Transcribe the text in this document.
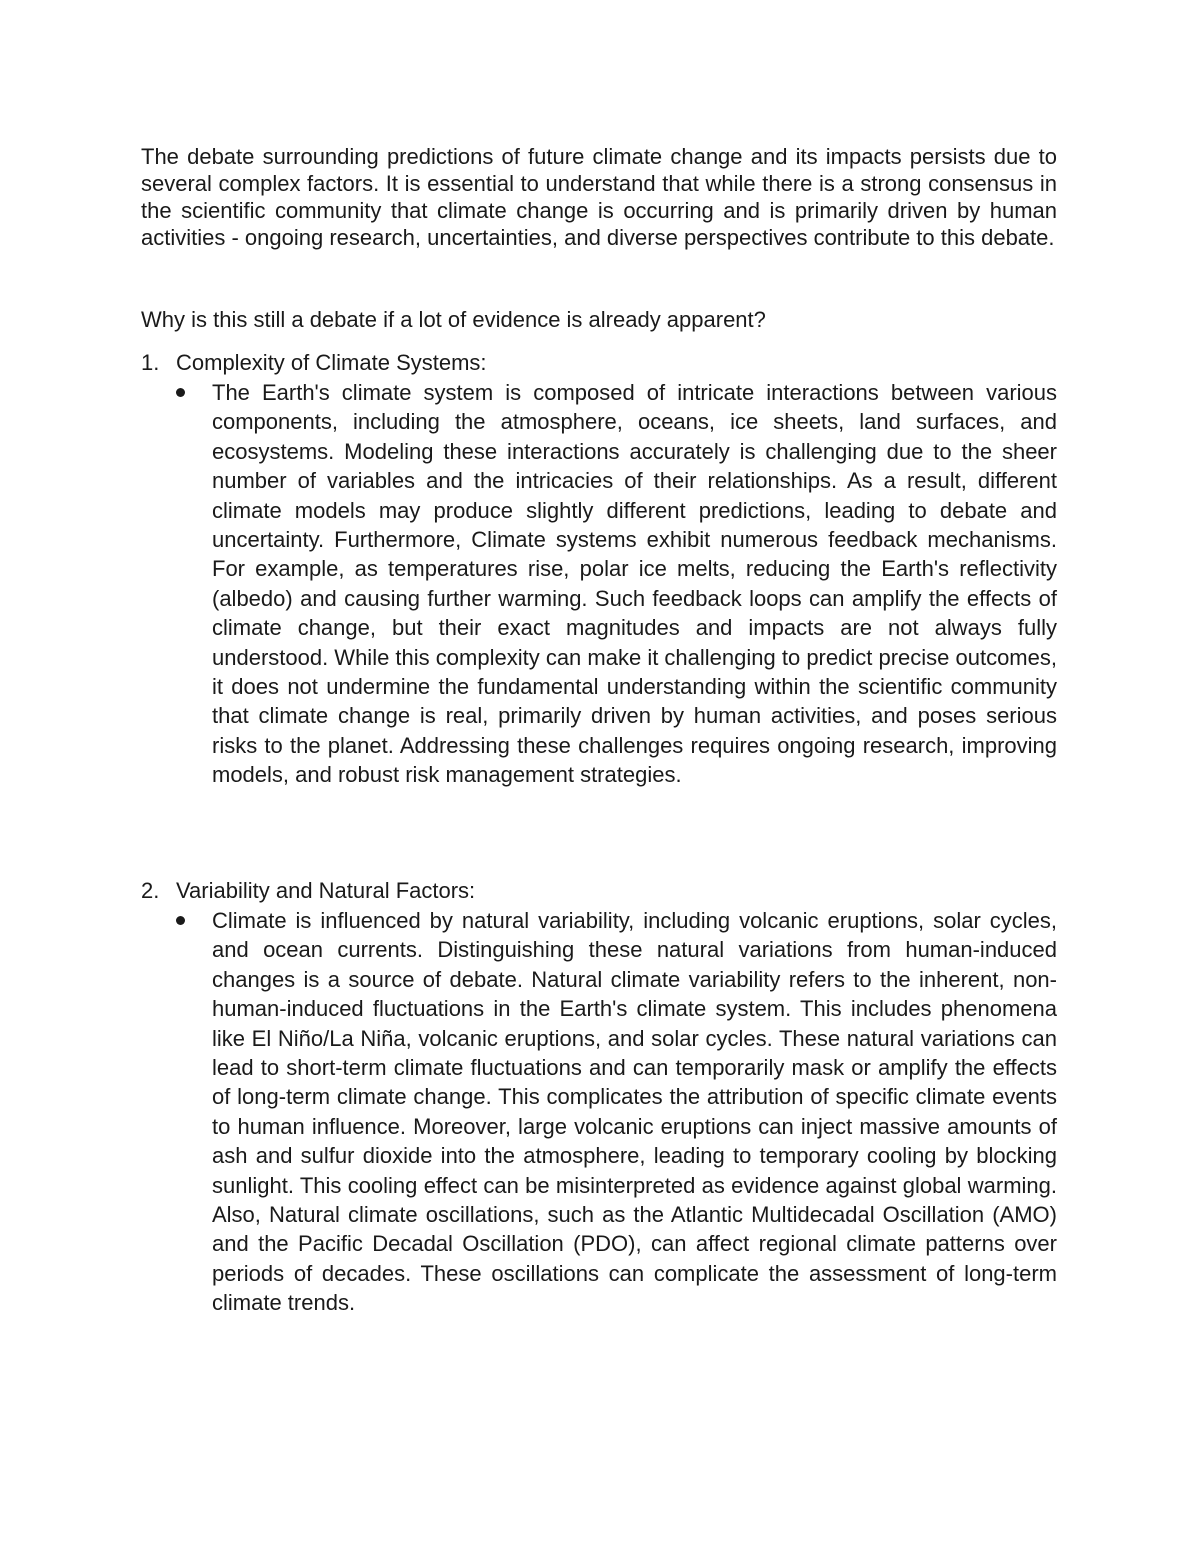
The debate surrounding predictions of future climate change and its impacts persists due to several complex factors. It is essential to understand that while there is a strong consensus in the scientific community that climate change is occurring and is primarily driven by human activities - ongoing research, uncertainties, and diverse perspectives contribute to this debate.

Why is this still a debate if a lot of evidence is already apparent?

1. Complexity of Climate Systems:

The Earth's climate system is composed of intricate interactions between various components, including the atmosphere, oceans, ice sheets, land surfaces, and ecosystems. Modeling these interactions accurately is challenging due to the sheer number of variables and the intricacies of their relationships. As a result, different climate models may produce slightly different predictions, leading to debate and uncertainty. Furthermore, Climate systems exhibit numerous feedback mechanisms. For example, as temperatures rise, polar ice melts, reducing the Earth's reflectivity (albedo) and causing further warming. Such feedback loops can amplify the effects of climate change, but their exact magnitudes and impacts are not always fully understood. While this complexity can make it challenging to predict precise outcomes, it does not undermine the fundamental understanding within the scientific community that climate change is real, primarily driven by human activities, and poses serious risks to the planet. Addressing these challenges requires ongoing research, improving models, and robust risk management strategies.

2. Variability and Natural Factors:

Climate is influenced by natural variability, including volcanic eruptions, solar cycles, and ocean currents. Distinguishing these natural variations from human-induced changes is a source of debate. Natural climate variability refers to the inherent, non-human-induced fluctuations in the Earth's climate system. This includes phenomena like El Niño/La Niña, volcanic eruptions, and solar cycles. These natural variations can lead to short-term climate fluctuations and can temporarily mask or amplify the effects of long-term climate change. This complicates the attribution of specific climate events to human influence. Moreover, large volcanic eruptions can inject massive amounts of ash and sulfur dioxide into the atmosphere, leading to temporary cooling by blocking sunlight. This cooling effect can be misinterpreted as evidence against global warming. Also, Natural climate oscillations, such as the Atlantic Multidecadal Oscillation (AMO) and the Pacific Decadal Oscillation (PDO), can affect regional climate patterns over periods of decades. These oscillations can complicate the assessment of long-term climate trends.
